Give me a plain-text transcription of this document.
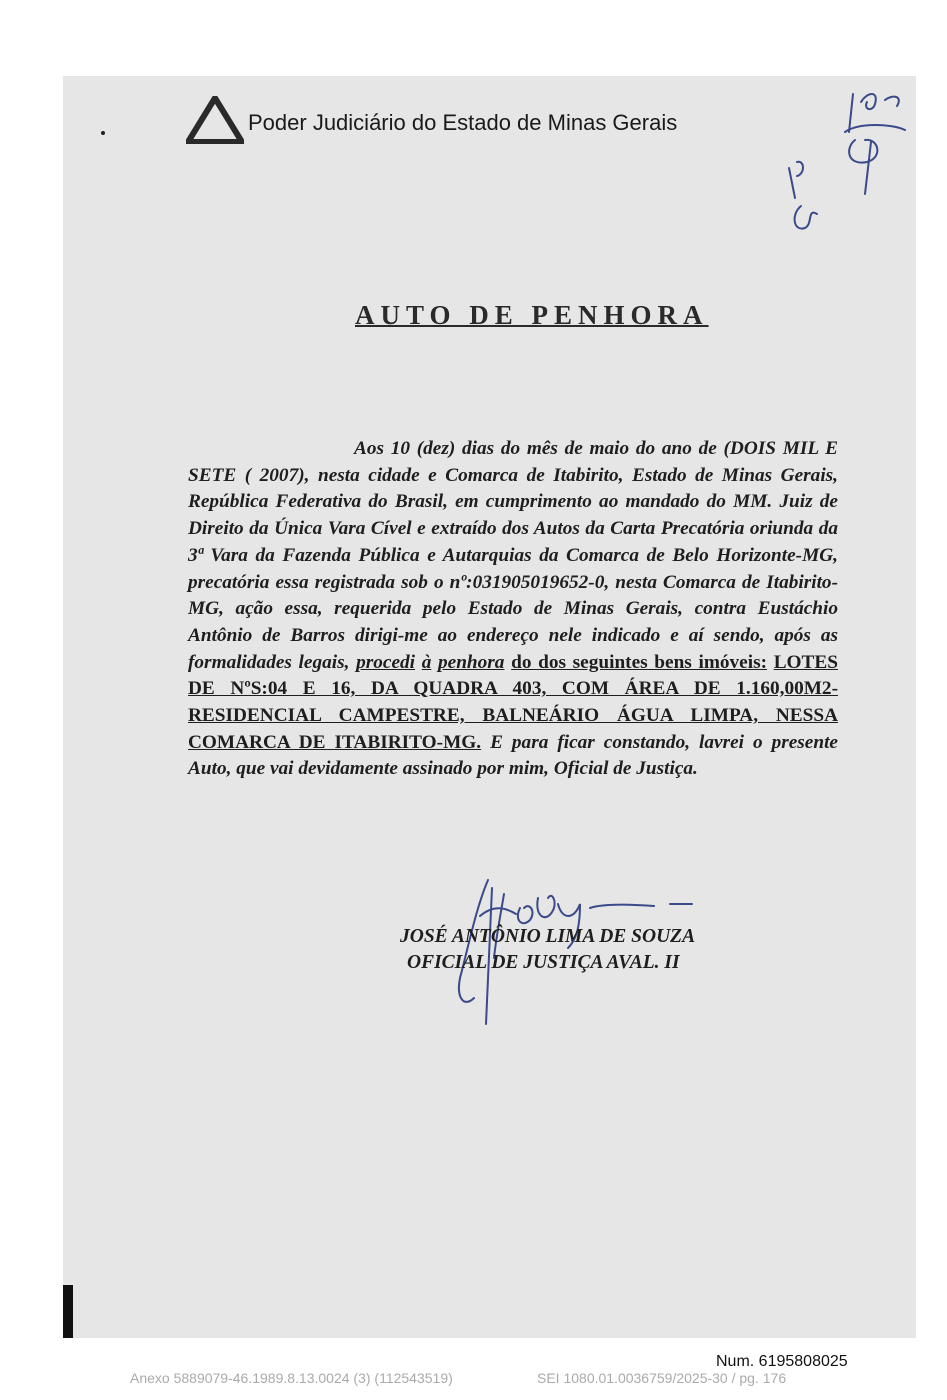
Poder Judiciário do Estado de Minas Gerais
AUTO DE PENHORA
Aos 10 (dez) dias do mês de maio do ano de (DOIS MIL E SETE ( 2007), nesta cidade e Comarca de Itabirito, Estado de Minas Gerais, República Federativa do Brasil, em cumprimento ao mandado do MM. Juiz de Direito da Única Vara Cível e extraído dos Autos da Carta Precatória oriunda da 3ª Vara da Fazenda Pública e Autarquias da Comarca de Belo Horizonte-MG, precatória essa registrada sob o nº:031905019652-0, nesta Comarca de Itabirito-MG, ação essa, requerida pelo Estado de Minas Gerais, contra Eustáchio Antônio de Barros dirigi-me ao endereço nele indicado e aí sendo, após as formalidades legais, procedi à penhora do dos seguintes bens imóveis: LOTES DE NºS:04 E 16, DA QUADRA 403, COM ÁREA DE 1.160,00M2- RESIDENCIAL CAMPESTRE, BALNEÁRIO ÁGUA LIMPA, NESSA COMARCA DE ITABIRITO-MG. E para ficar constando, lavrei o presente Auto, que vai devidamente assinado por mim, Oficial de Justiça.
JOSÉ ANTÔNIO LIMA DE SOUZA
OFICIAL DE JUSTIÇA AVAL. II
Num. 6195808025
Anexo 5889079-46.1989.8.13.0024 (3) (112543519)	SEI 1080.01.0036759/2025-30 / pg. 176
